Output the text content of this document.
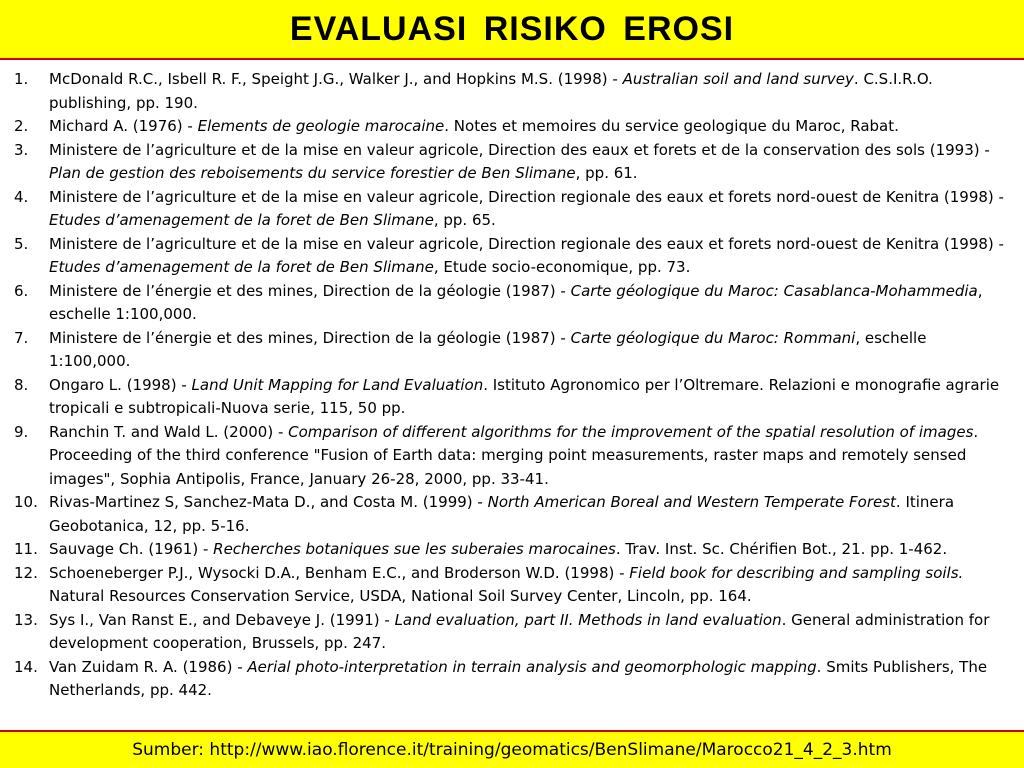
EVALUASI RISIKO EROSI
1.	McDonald R.C., Isbell R. F., Speight J.G., Walker J., and Hopkins M.S. (1998) - Australian soil and land survey. C.S.I.R.O. publishing, pp. 190.
2.	Michard A. (1976) - Elements de geologie marocaine. Notes et memoires du service geologique du Maroc, Rabat.
3.	Ministere de l’agriculture et de la mise en valeur agricole, Direction des eaux et forets et de la conservation des sols (1993) - Plan de gestion des reboisements du service forestier de Ben Slimane, pp. 61.
4.	Ministere de l’agriculture et de la mise en valeur agricole, Direction regionale des eaux et forets nord-ouest de Kenitra (1998) - Etudes d’amenagement de la foret de Ben Slimane, pp. 65.
5.	Ministere de l’agriculture et de la mise en valeur agricole, Direction regionale des eaux et forets nord-ouest de Kenitra (1998) - Etudes d’amenagement de la foret de Ben Slimane, Etude socio-economique, pp. 73.
6.	Ministere de l’énergie et des mines, Direction de la géologie (1987) - Carte géologique du Maroc: Casablanca-Mohammedia, eschelle 1:100,000.
7.	Ministere de l’énergie et des mines, Direction de la géologie (1987) - Carte géologique du Maroc: Rommani, eschelle 1:100,000.
8.	Ongaro L. (1998) - Land Unit Mapping for Land Evaluation. Istituto Agronomico per l’Oltremare. Relazioni e monografie agrarie tropicali e subtropicali-Nuova serie, 115, 50 pp.
9.	Ranchin T. and Wald L. (2000) - Comparison of different algorithms for the improvement of the spatial resolution of images. Proceeding of the third conference "Fusion of Earth data: merging point measurements, raster maps and remotely sensed images", Sophia Antipolis, France, January 26-28, 2000, pp. 33-41.
10. Rivas-Martinez S, Sanchez-Mata D., and Costa M. (1999) - North American Boreal and Western Temperate Forest. Itinera Geobotanica, 12, pp. 5-16.
11. Sauvage Ch. (1961) - Recherches botaniques sue les suberaies marocaines. Trav. Inst. Sc. Chérifien Bot., 21. pp. 1-462.
12. Schoeneberger P.J., Wysocki D.A., Benham E.C., and Broderson W.D. (1998) - Field book for describing and sampling soils. Natural Resources Conservation Service, USDA, National Soil Survey Center, Lincoln, pp. 164.
13. Sys I., Van Ranst E., and Debaveye J. (1991) - Land evaluation, part II. Methods in land evaluation. General administration for development cooperation, Brussels, pp. 247.
14. Van Zuidam R. A. (1986) - Aerial photo-interpretation in terrain analysis and geomorphologic mapping. Smits Publishers, The Netherlands, pp. 442.
Sumber: http://www.iao.florence.it/training/geomatics/BenSlimane/Marocco21_4_2_3.htm
